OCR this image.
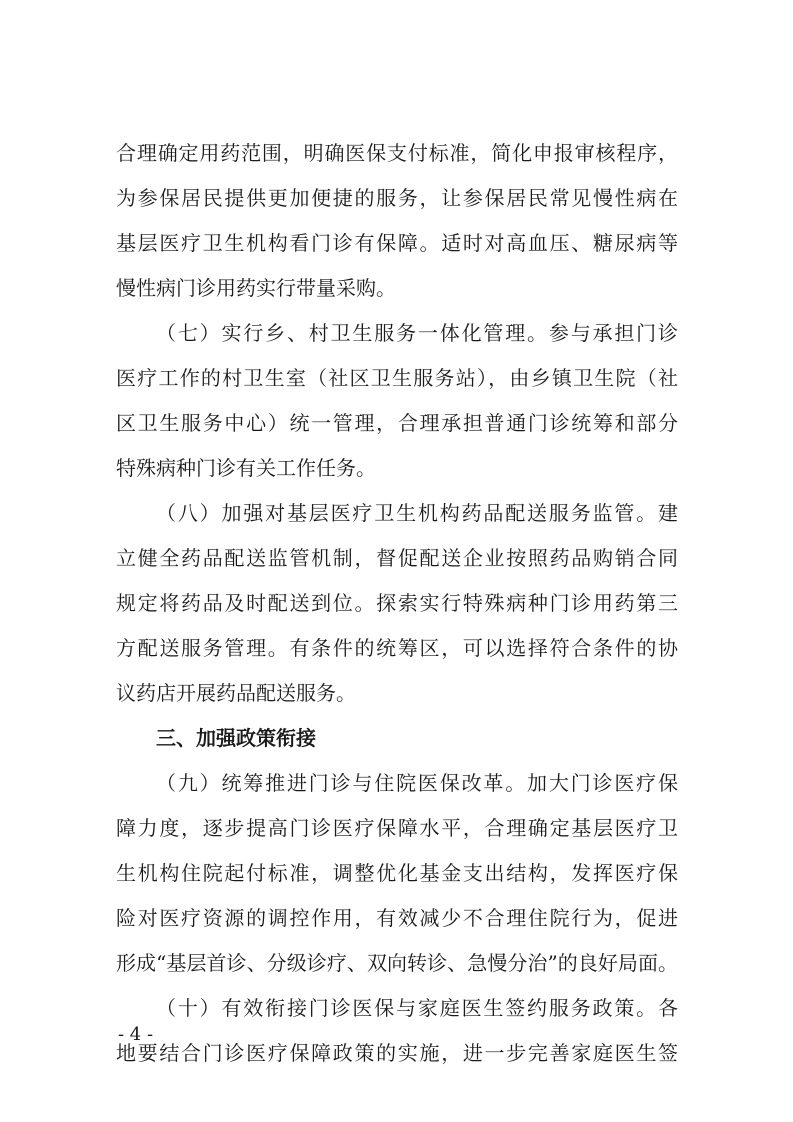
合理确定用药范围，明确医保支付标准，简化申报审核程序，
为参保居民提供更加便捷的服务，让参保居民常见慢性病在
基层医疗卫生机构看门诊有保障。适时对高血压、糖尿病等
慢性病门诊用药实行带量采购。
（七）实行乡、村卫生服务一体化管理。参与承担门诊
医疗工作的村卫生室（社区卫生服务站），由乡镇卫生院（社
区卫生服务中心）统一管理，合理承担普通门诊统筹和部分
特殊病种门诊有关工作任务。
（八）加强对基层医疗卫生机构药品配送服务监管。建
立健全药品配送监管机制，督促配送企业按照药品购销合同
规定将药品及时配送到位。探索实行特殊病种门诊用药第三
方配送服务管理。有条件的统筹区，可以选择符合条件的协
议药店开展药品配送服务。
三、加强政策衔接
（九）统筹推进门诊与住院医保改革。加大门诊医疗保
障力度，逐步提高门诊医疗保障水平，合理确定基层医疗卫
生机构住院起付标准，调整优化基金支出结构，发挥医疗保
险对医疗资源的调控作用，有效减少不合理住院行为，促进
形成“基层首诊、分级诊疗、双向转诊、急慢分治”的良好局面。
（十）有效衔接门诊医保与家庭医生签约服务政策。各
地要结合门诊医疗保障政策的实施，进一步完善家庭医生签
- 4 -
